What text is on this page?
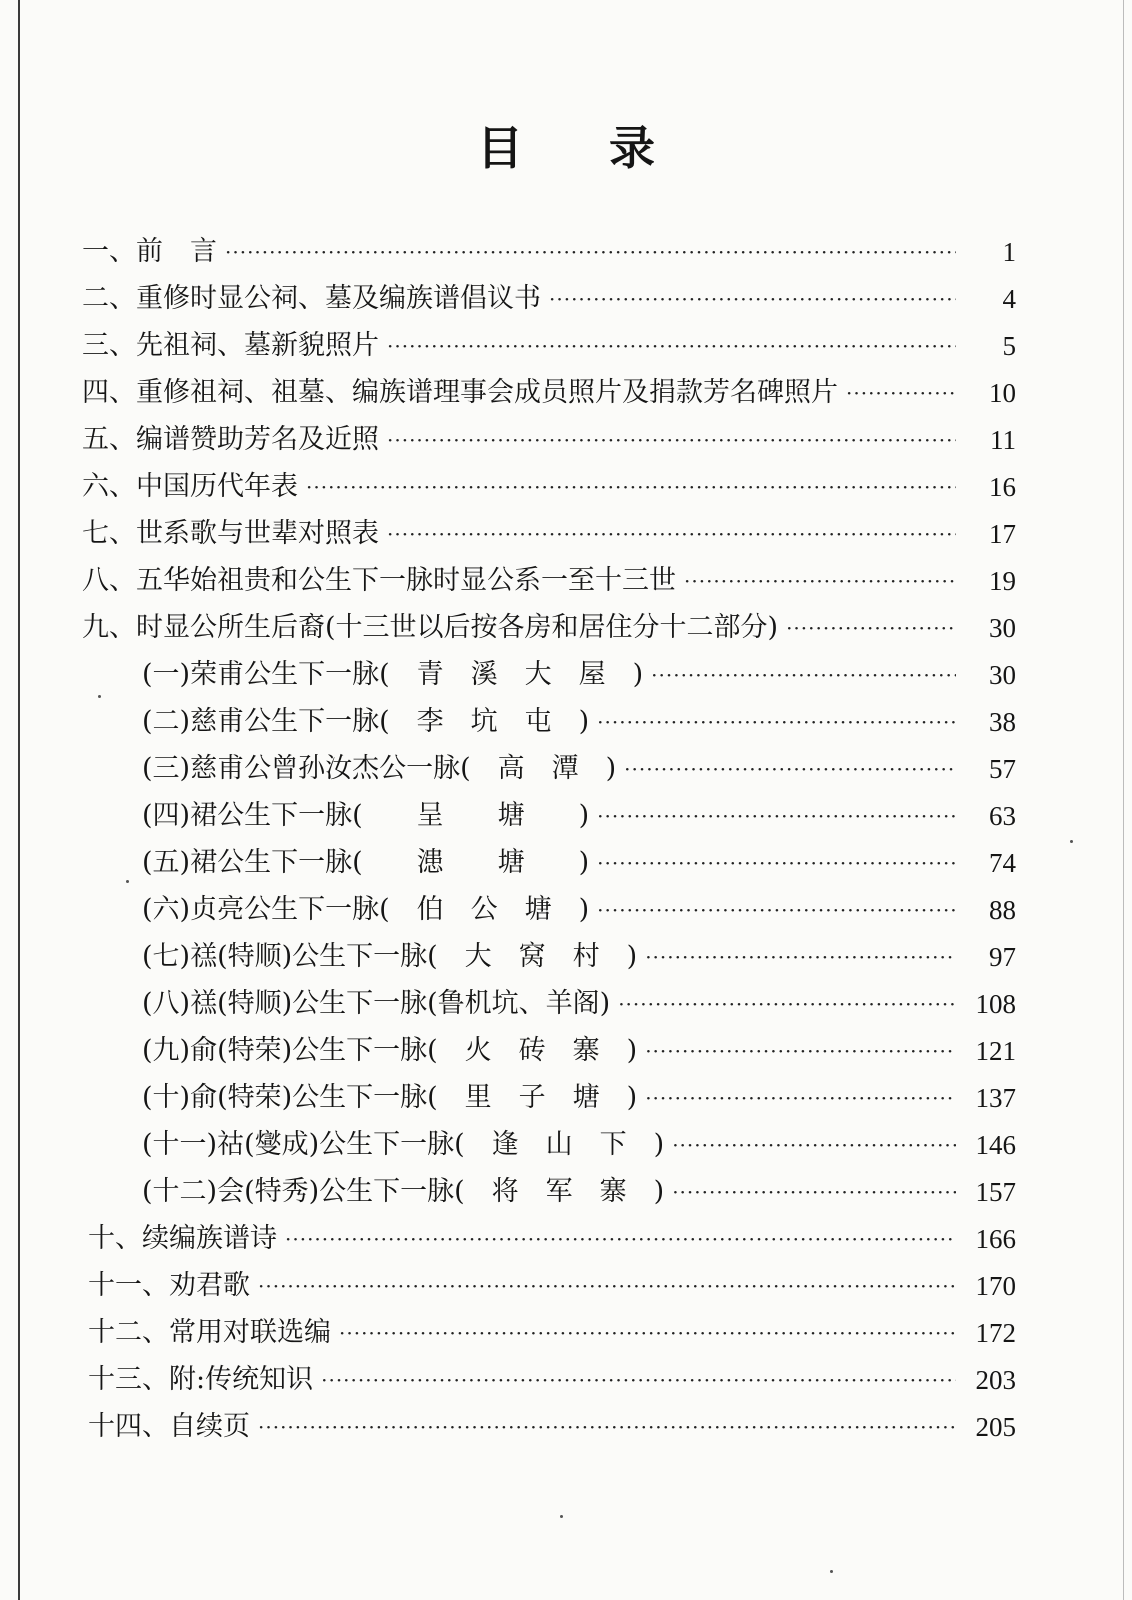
目 录
一、前　言 ·····	1
二、重修时显公祠、墓及编族谱倡议书 ·····	4
三、先祖祠、墓新貌照片 ·····	5
四、重修祖祠、祖墓、编族谱理事会成员照片及捐款芳名碑照片 ·····	10
五、编谱赞助芳名及近照 ·····	11
六、中国历代年表 ·····	16
七、世系歌与世辈对照表 ·····	17
八、五华始祖贵和公生下一脉时显公系一至十三世 ·····	19
九、时显公所生后裔(十三世以后按各房和居住分十二部分) ·····	30
(一)荣甫公生下一脉(　青　溪　大　屋　) ·····	30
(二)慈甫公生下一脉(　李　坑　屯　) ·····	38
(三)慈甫公曾孙汝杰公一脉(　高　潭　) ·····	57
(四)裙公生下一脉(　　呈　　塘　　) ·····	63
(五)裙公生下一脉(　　漶　　塘　　) ·····	74
(六)贞亮公生下一脉(　伯　公　塘　) ·····	88
(七)禚(特顺)公生下一脉(　大　窝　村　) ·····	97
(八)禚(特顺)公生下一脉(鲁机坑、羊阁) ·····	108
(九)俞(特荣)公生下一脉(　火　砖　寨　) ·····	121
(十)俞(特荣)公生下一脉(　里　子　塘　) ·····	137
(十一)祜(燮成)公生下一脉(　逢　山　下　) ·····	146
(十二)会(特秀)公生下一脉(　将　军　寨　) ·····	157
十、续编族谱诗 ·····	166
十一、劝君歌 ·····	170
十二、常用对联选编 ·····	172
十三、附:传统知识 ·····	203
十四、自续页 ·····	205
